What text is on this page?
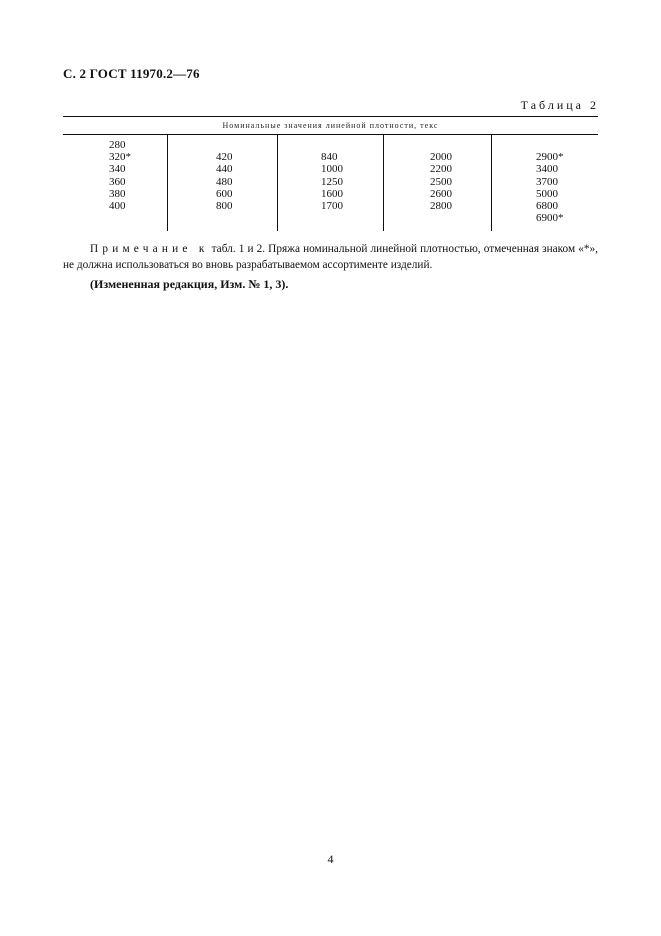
С. 2 ГОСТ 11970.2—76
Таблица 2
Номинальные значения линейной плотности, текс
280
320*
340
360
380
400
420
440
480
600
800
840
1000
1250
1600
1700
2000
2200
2500
2600
2800
2900*
3400
3700
5000
6800
6900*
Примечание к табл. 1 и 2. Пряжа номинальной линейной плотностью, отмеченная знаком «*», не должна использоваться во вновь разрабатываемом ассортименте изделий.
(Измененная редакция, Изм. № 1, 3).
4
